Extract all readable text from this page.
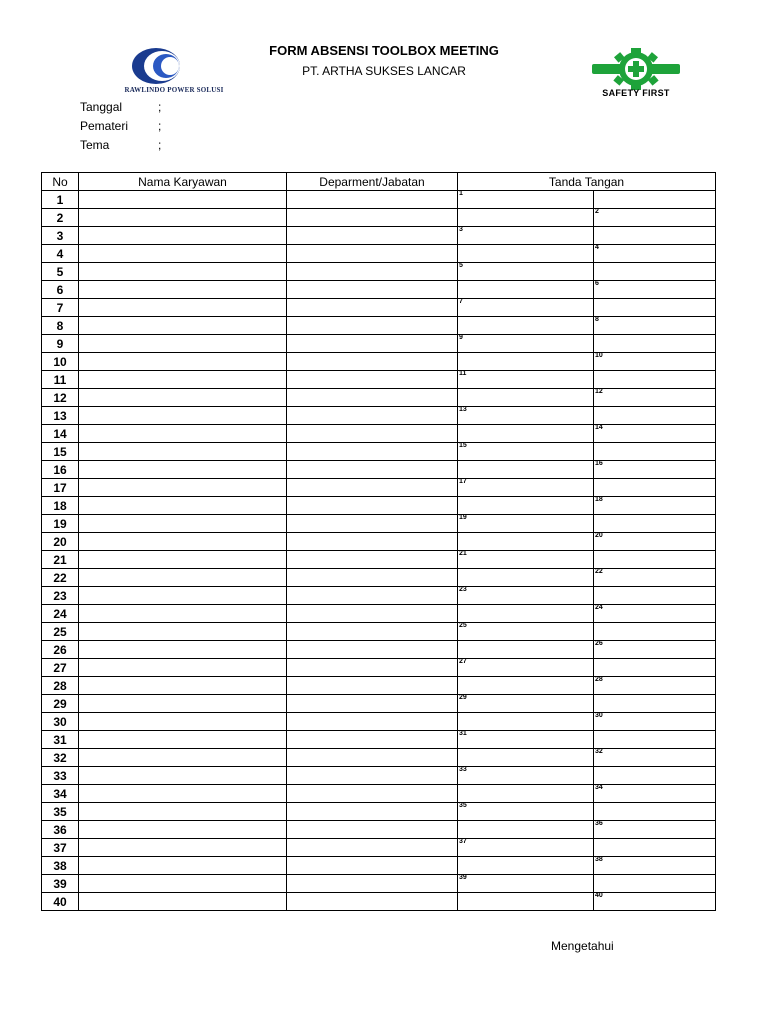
RAWLINDO POWER SOLUSI
FORM ABSENSI TOOLBOX MEETING
PT. ARTHA SUKSES LANCAR
SAFETY FIRST
Tanggal	;
Pemateri ;
Tema	;
No	Nama Karyawan	Deparment/Jabatan	Tanda Tangan	
1			1	

2				2

3			3	

4				4

5			5	

6				6

7			7	

8				8

9			9	

10				10

11			11	

12				12

13			13	

14				14

15			15	

16				16

17			17	

18				18

19			19	

20				20

21			21	

22				22

23			23	

24				24

25			25	

26				26

27			27	

28				28

29			29	

30				30

31			31	

32				32

33			33	

34				34

35			35	

36				36

37			37	

38				38

39			39	

40				40
Mengetahui
